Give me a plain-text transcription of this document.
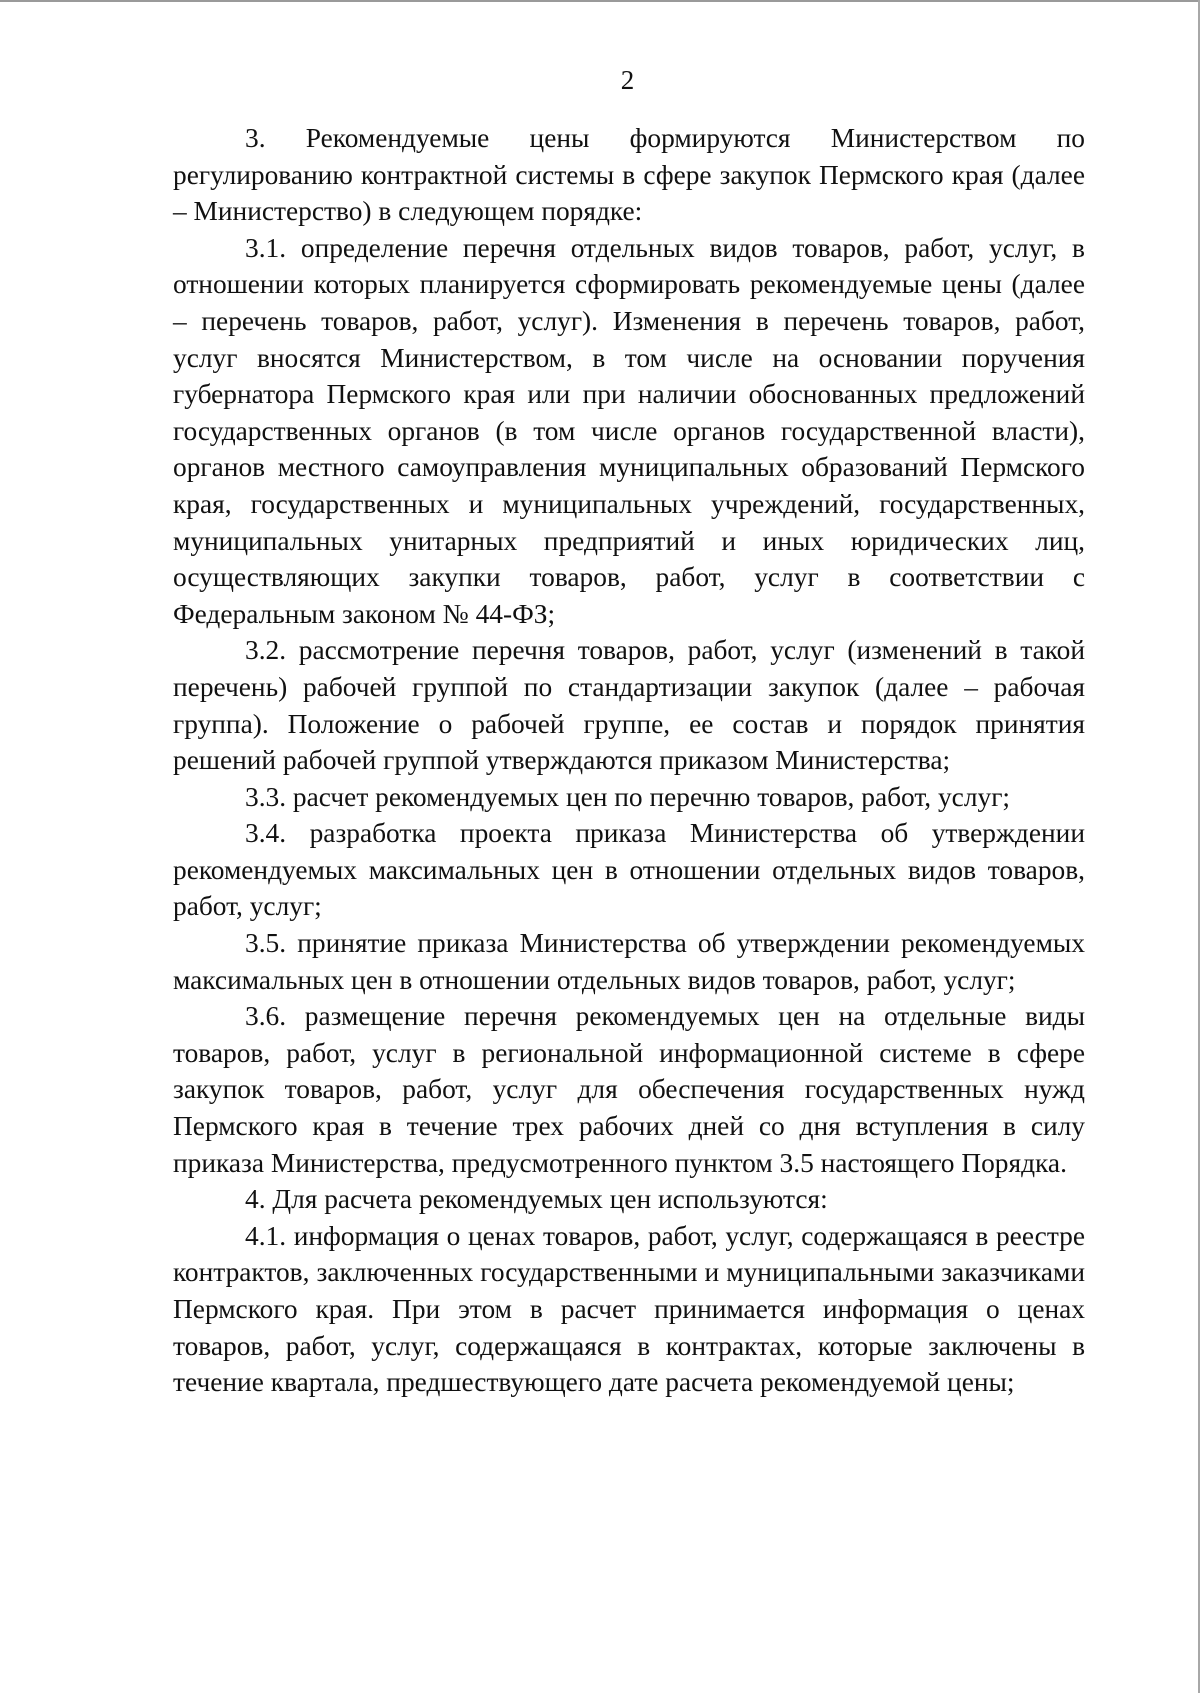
2

3. Рекомендуемые цены формируются Министерством по регулированию контрактной системы в сфере закупок Пермского края (далее – Министерство) в следующем порядке:

3.1. определение перечня отдельных видов товаров, работ, услуг, в отношении которых планируется сформировать рекомендуемые цены (далее – перечень товаров, работ, услуг). Изменения в перечень товаров, работ, услуг вносятся Министерством, в том числе на основании поручения губернатора Пермского края или при наличии обоснованных предложений государственных органов (в том числе органов государственной власти), органов местного самоуправления муниципальных образований Пермского края, государственных и муниципальных учреждений, государственных, муниципальных унитарных предприятий и иных юридических лиц, осуществляющих закупки товаров, работ, услуг в соответствии с Федеральным законом № 44-ФЗ;

3.2. рассмотрение перечня товаров, работ, услуг (изменений в такой перечень) рабочей группой по стандартизации закупок (далее – рабочая группа). Положение о рабочей группе, ее состав и порядок принятия решений рабочей группой утверждаются приказом Министерства;

3.3. расчет рекомендуемых цен по перечню товаров, работ, услуг;

3.4. разработка проекта приказа Министерства об утверждении рекомендуемых максимальных цен в отношении отдельных видов товаров, работ, услуг;

3.5. принятие приказа Министерства об утверждении рекомендуемых максимальных цен в отношении отдельных видов товаров, работ, услуг;

3.6. размещение перечня рекомендуемых цен на отдельные виды товаров, работ, услуг в региональной информационной системе в сфере закупок товаров, работ, услуг для обеспечения государственных нужд Пермского края в течение трех рабочих дней со дня вступления в силу приказа Министерства, предусмотренного пунктом 3.5 настоящего Порядка.

4. Для расчета рекомендуемых цен используются:

4.1. информация о ценах товаров, работ, услуг, содержащаяся в реестре контрактов, заключенных государственными и муниципальными заказчиками Пермского края. При этом в расчет принимается информация о ценах товаров, работ, услуг, содержащаяся в контрактах, которые заключены в течение квартала, предшествующего дате расчета рекомендуемой цены;
